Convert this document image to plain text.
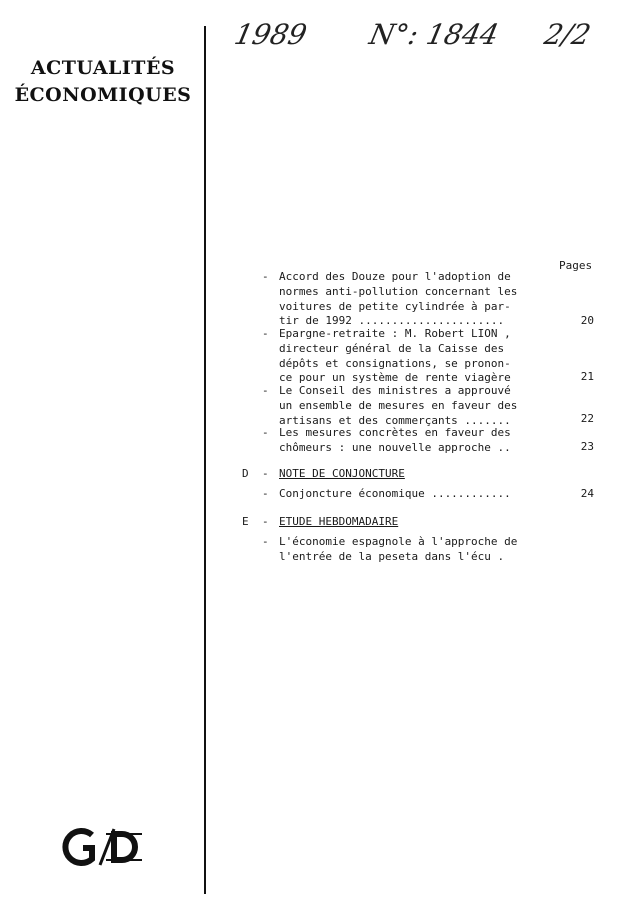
ACTUALITÉS
ÉCONOMIQUES
1989 N°: 1844 2/2
Pages
- Accord des Douze pour l'adoption de
normes anti-pollution concernant les
voitures de petite cylindrée à par-
tir de 1992 ......................	20
- Epargne-retraite : M. Robert LION ,
directeur général de la Caisse des
dépôts et consignations, se pronon-
ce pour un système de rente viagère	21
- Le Conseil des ministres a approuvé
un ensemble de mesures en faveur des
artisans et des commerçants .......	22
- Les mesures concrètes en faveur des
chômeurs : une nouvelle approche ..	23
D - NOTE DE CONJONCTURE
- Conjoncture économique ............	24
E - ETUDE HEBDOMADAIRE
- L'économie espagnole à l'approche de
l'entrée de la peseta dans l'écu .
